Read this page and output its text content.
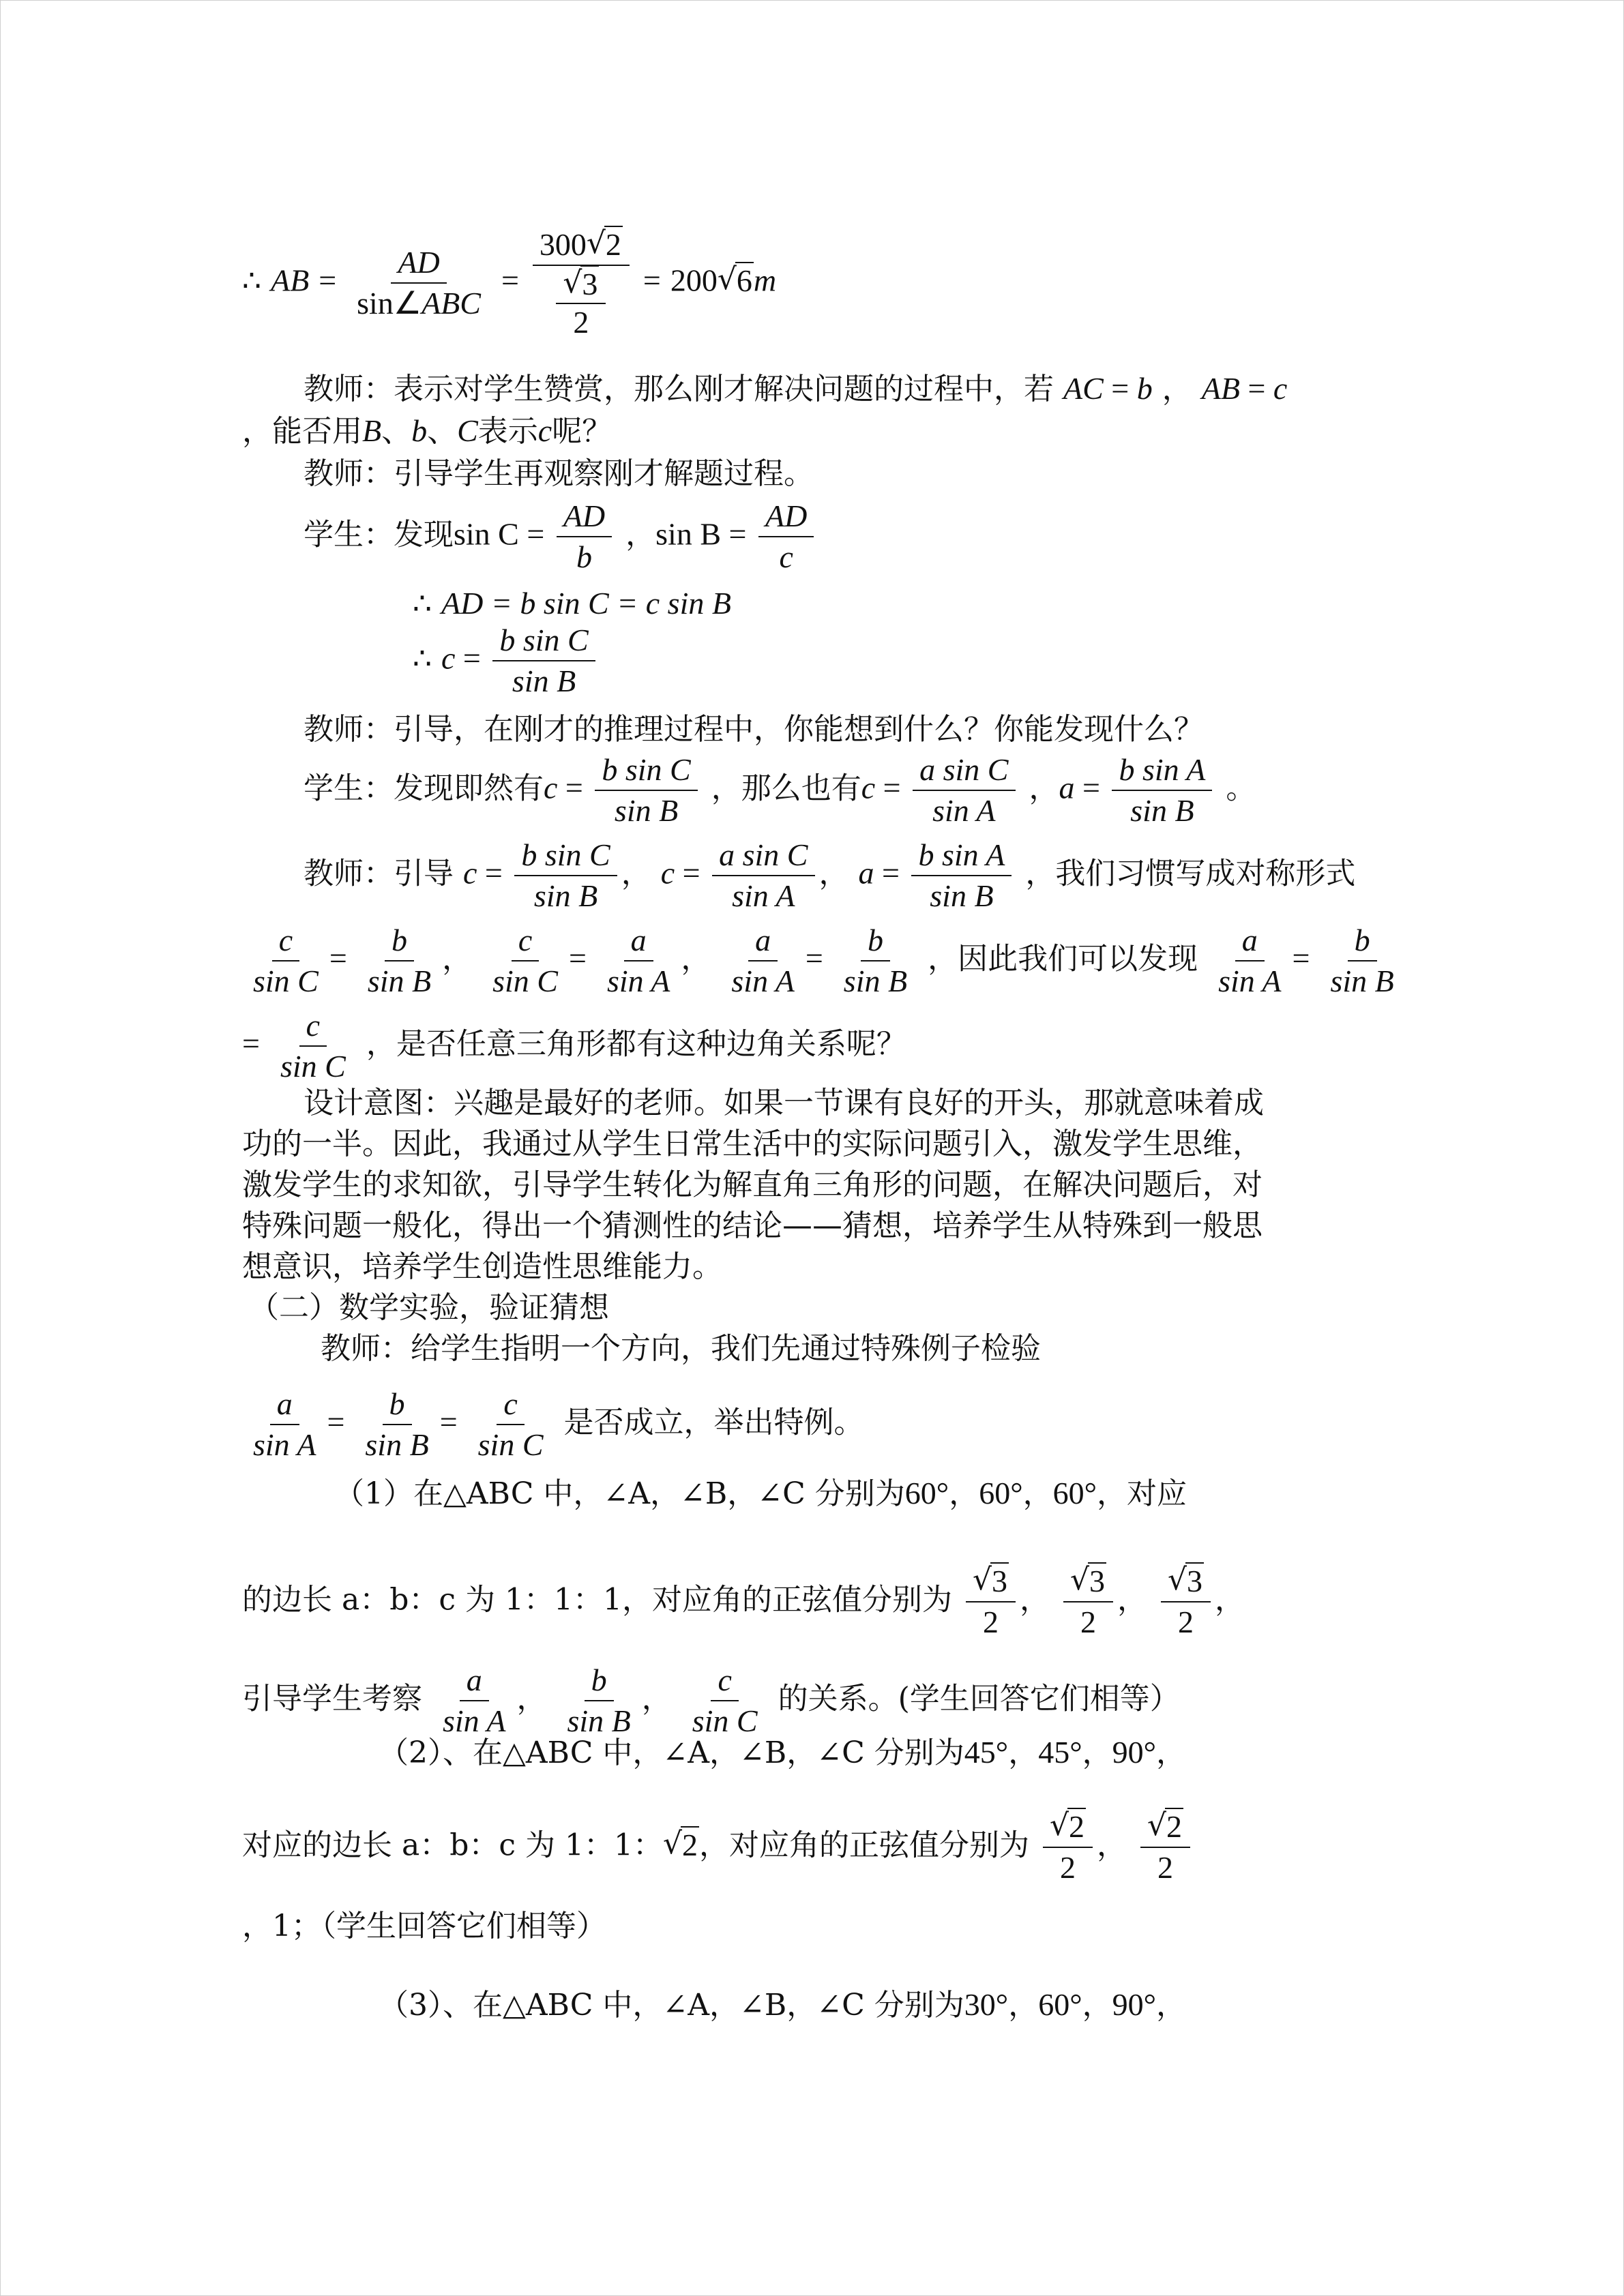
∴ AB = $\frac{AD}{\text{sin∠ABC}} = 300√$ 2
√ $\frac{3}{2} = 200√$ 6m
教师：表示对学生赞赏，那么刚才解决问题的过程中，若 AC = b ， AB = c
，能否用B、b、C表示c呢？
教师：引导学生再观察刚才解题过程。
学生：发现$\sin C = \frac{AD}{b}$ ，$\sin B = \frac{AD}{c}$
∴ AD = b sin C = c sin B
∴ $c = \frac{\text{b sin C}}{\text{sin B}}$
教师：引导，在刚才的推理过程中，你能想到什么？你能发现什么？
学生：发现即然有$c = \frac{\text{b sin C}}{\text{sin B}}$ ，那么也有$c = \frac{\text{a sin C}}{\text{sin A}}$ ，$a = \frac{\text{b sin A}}{\text{sin B}}$ 。
教师：引导 $c = \frac{\text{b sin C}}{\text{sin B}}$ ， $c = \frac{\text{a sin C}}{\text{sin A}}$ ， $a = \frac{\text{b sin A}}{\text{sin B}}$ ，我们习惯写成对称形式
$\frac{c}{\text{sin C}} = \frac{b}{\text{sin B}}$ ， $\frac{c}{\text{sin C}} = \frac{a}{\text{sin A}}$ ， $\frac{a}{\text{sin A}} = \frac{b}{\text{sin B}}$ ，因此我们可以发现 $\frac{a}{\text{sin A}} = \frac{b}{\text{sin B}}$
= $\frac{c}{\text{sin C}}$ ，是否任意三角形都有这种边角关系呢？
设计意图：兴趣是最好的老师。如果一节课有良好的开头，那就意味着成
功的一半。因此，我通过从学生日常生活中的实际问题引入，激发学生思维，
激发学生的求知欲，引导学生转化为解直角三角形的问题，在解决问题后，对
特殊问题一般化，得出一个猜测性的结论——猜想，培养学生从特殊到一般思
想意识，培养学生创造性思维能力。
（二）数学实验，验证猜想
教师：给学生指明一个方向，我们先通过特殊例子检验
$\frac{a}{\text{sin A}} = \frac{b}{\text{sin B}} = \frac{c}{\text{sin C}}$ 是否成立，举出特例。
（1）在△ABC 中，∠A，∠B，∠C 分别为60°，60°，60°，对应
的边长 a：b：c 为 1：1：1，对应角的正弦值分别为
√ $\frac{3}{2}$ ，
√ $\frac{3}{2}$ ，
√ $\frac{3}{2}$ ，
引导学生考察 $\frac{a}{\text{sin A}}$ ， $\frac{b}{\text{sin B}}$ ， $\frac{c}{\text{sin C}}$ 的关系。(学生回答它们相等）
（2）、在△ABC 中，∠A，∠B，∠C 分别为45°，45°，90°，
对应的边长 a：b：c 为 1：1：√ 2，对应角的正弦值分别为
√ $\frac{2}{2}$ ，
√ $\frac{2}{2}$
，1；（学生回答它们相等）
（3）、在△ABC 中，∠A，∠B，∠C 分别为30°，60°，90°，
